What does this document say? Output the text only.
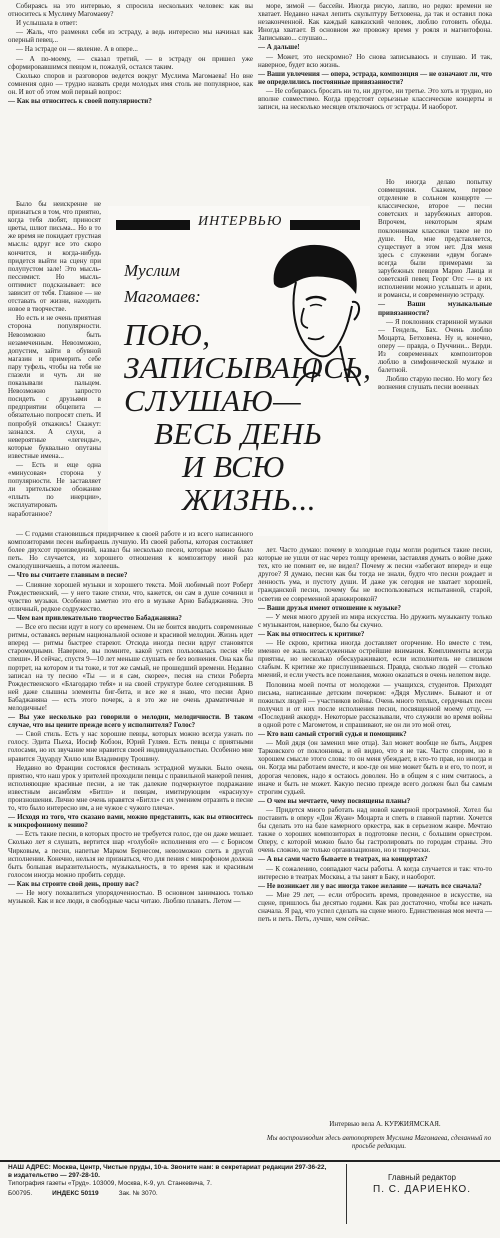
Собираясь на это интервью, я спросила нескольких человек: как вы относитесь к Муслиму Магомаеву?

И услышала в ответ:

— Жаль, что разменял себя из эстраду, а ведь интересно мы начинал как оперный певец...

— На эстраде он — явление. А в опере...

— А по-моему, — сказал третий, — в эстраду он пришел уже сформировавшимся певцом и, пожалуй, остался таким.

Сколько споров и разговоров ведется вокруг Муслима Магомаева! Но вне сомнения одно — трудно назвать среди молодых имя столь же популярное, как он. И вот об этом мой первый вопрос:

— Как вы относитесь к своей популярности?

Было бы неискренне не признаться в том, что приятно, когда тебя любят, приносят цветы, шлют письма... Но в то же время не покидает грустная мысль: вдруг все это скоро кончится, и когда-нибудь придется выйти на сцену при полупустом зале! Это мысль-пессимист. Но мысль-оптимист подсказывает: все зависит от тебя. Главное — не отставать от жизни, находить новое в творчестве.

Но есть и не очень приятная сторона популярности. Невозможно быть незамеченным. Невозможно, допустим, зайти в обувной магазин и примерить себе пару туфель, чтобы на тебя не глазели и чуть ли не показывали пальцем. Невозможно запросто посидеть с друзьями в предприятии общепита — обязательно попросят спеть. И попробуй откажись! Скажут: зазнался. А слухи, а невероятные «легенды», которые буквально опутаны известные имена...

— Есть и еще одна «минусовая» сторона у популярности. Не заставляет ли зрительское обожание «плыть по инерции», эксплуатировать наработанное?

ИНТЕРВЬЮ
Муслим
Магомаев:
ПОЮ,
ЗАПИСЫВАЮСЬ,
СЛУШАЮ—
ВЕСЬ ДЕНЬ
И ВСЮ ЖИЗНЬ...

— С годами становишься придирчивее к своей работе и из всего написанного композиторами песен выбираешь лучшую. Из своей работы, которая составляет более двухсот произведений, назвал бы несколько песен, которые можно было петь. Но случается, из хорошего отношения к композитору иной раз смалодушничаешь, а потом жалеешь.

— Что вы считаете главным в песне?

— Слияние хорошей музыки и хорошего текста. Мой любимый поэт Роберт Рождественский, — у него такие стихи, что, кажется, он сам в душе сочинил и чувство музыки. Особенно заметно это его в музыке Арно Бабаджаняна. Это отличный, редкое содружество.

— Чем вам привлекательно творчество Бабаджаняна?

— Все его песни идут в ногу со временем. Он не боится вводить современные ритмы, оставаясь верным национальной основе и красивой мелодии. Жизнь идет вперед — ритмы быстрее стареют. Отсюда иногда песни вдруг становятся старомодными. Наверное, вы помните, какой успех пользовалась песня «Не спеши». И сейчас, спустя 9—10 лет меньше слушать ее без волнения. Она как бы портрет, на котором и ты тоже, и тот же самый, не прошедший времени. Недавно записал на ту песню «Ты — и я сам, скорее», песня на стихи Роберта Рождественского «Благодарю тебя» и на своей структуре более сегодняшняя. В ней даже слышны элементы биг-бита, и все же я знаю, что песни Арно Бабаджаняна — есть этого почерк, а я это же не очень драматичные и мелодичные!

— Вы уже несколько раз говорили о мелодии, мелодичности. В таком случае, что вы цените прежде всего у исполнителя? Голос?

— Свой стиль. Есть у нас хорошие певцы, которых можно всегда узнать по голосу. Эдита Пьеха, Иосиф Кобзон, Юрий Гуляев. Есть певцы с приятными голосами, но их звучание мне нравится своей индивидуальностью. Особенно мне нравится Эдуарду Хилю или Владимиру Трошину.

Недавно во Франции состоялся фестиваль эстрадной музыки. Было очень приятно, что наш урок у зрителей проходили певцы с правильной манерой пения, исполняющие красивые песни, а не так далекие подчеркнутое подражание известным ансамблям «Битлз» и певцам, имитирующим «краснуху» произношения. Лично мне очень нравятся «Битлз» с их умением отразить в песне то, что было интересно им, а не чужое с чужого плеча».

— Исходя из того, что сказано вами, можно представить, как вы относитесь к микрофонному пению?

— Есть такие песни, в которых просто не требуется голос, где он даже мешает. Сколько лет я слушать, вертится шар «голубой» исполнения его — с Борисом Чирковым, а песни, напетые Марком Бернесом, невозможно спеть в другой исполнении. Конечно, нельзя не признаться, что для пения с микрофоном должна быть большая выразительность, музыкальность, в то время как и красивым голосом иногда можно пробить сердце.

— Как вы строите свой день, прошу вас?

— Не могу похвалиться упорядоченностью. В основном занимаюсь только музыкой. Как и все люди, в свободные часы читаю. Люблю плавать. Летом —

море, зимой — бассейн. Иногда рисую, лаплю, но редко: времени не хватает. Недавно начал лепить скульптуру Бетховена, да так и оставил пока незаконченной. Как каждый кавказский человек, люблю готовить обеды. Иногда хватает. В основном же провожу время у рояля и магнитофона. Записываю... слушаю...

— А дальше!

— Может, это нескромно? Но снова записываюсь и слушаю. И так, наверное, будет всю жизнь.

— Ваши увлечения — опера, эстрада, композиция — не означают ли, что не определились постоянные привязанности?

— Не собираюсь бросать ни то, ни другое, ни третье. Это хоть и трудно, но вполне совместимо. Когда предстоят серьезные классические концерты и записи, на несколько месяцев отключаюсь от эстрады. И наоборот.

Но иногда делаю попытку совмещения. Скажем, первое отделение в сольном концерте — классическое, второе — песни советских и зарубежных авторов. Впрочем, некоторым ярым поклонникам классики такое не по душе. Но, мне представляется, существует в этом нет. Для меня здесь с служении «двум богам» всегда были примерами за зарубежных певцов Марио Ланца и советский певец Георг Отс — в их исполнении можно услышать и арии, и романсы, и современную эстраду.

— Ваши музыкальные привязанности?

— Я поклонник старинной музыки — Гендель, Бах. Очень люблю Моцарта, Бетховена. Ну и, конечно, оперу — правда, о Пуччини... Верди. Из современных композиторов люблю в симфонической музыке и балетной.

Люблю старую песню. Но могу без волнения слушать песни военных

лет. Часто думаю: почему в холодные годы могли родиться такие песни, которые не ушли от нас через толщу времени, заставляя думать о войне даже тех, кто не помнит ее, не видел? Почему ж песни «забегают вперед» и еще другое? Я думаю, песни как бы тогда не знали, будто что песни рождает и ленность ума, и пустоту души. И даже уж сегодня не хватает хорошей, гражданской песни, почему бы не воспользоваться испытанной, старой, осветив ее современной аранжировкой?

— Ваши друзья имеют отношение к музыке?

— У меня много друзей из мира искусства. Но дружить музыканту только с музыкантом, наверное, было бы скучно.

— Как вы относитесь к критике?

— Не скрою, критика иногда доставляет огорчение. Но вместе с тем, именно ее жаль незаслуженные острейшие внимания. Комплименты всегда приятны, но несколько обескураживают, если исполнитель не слишком слабым. К критике же прислушиваешься. Правда, сколько людей — столько мнений, и если учесть все пожелания, можно оказаться в очень нелепом виде.

Половина моей почты от молодежи — учащихся, студентов. Приходят письма, написанные детским почерком: «Дядя Муслим». Бывают и от пожилых людей — участников войны. Очень много теплых, сердечных песен получил и от них после исполнения песни, посвященной моему отцу, — «Последний аккорд». Некоторые рассказывали, что служили во время войны в одной роте с Магометом, и спрашивают, не он ли это мой отец.

— Кто ваш самый строгий судья и помощник?

— Мой дядя (он заменил мне отца). Зал может вообще не быть, Андрея Тарковского от поклонника, и ей видно, что я не так. Часто спорим, но в хорошем смысле этого слова: то он меня убеждает, в кто-то прав, но иногда и он. Когда мы работаем вместе, и кое-где он мне может быть в и его, то поэт, и дорогая человек, надо я остаюсь доволен. Но в общем я с ним считаюсь, а иначе и быть не может. Какую песню прежде всего должен был бы самым строгим судьей.

— О чем вы мечтаете, чему посвящены планы?

— Придется много работать над новой камерной программой. Хотел бы поставить в оперу «Дон Жуан» Моцарта и спеть в главной партии. Хочется бы сделать это на базе камерного оркестра, как в серьезном жанре. Мечтаю также о хороших композиторах в подготовке песни, с большим оркестром. Оперу, с которой можно было бы гастролировать по городам страны. Это очень сложно, не только организационно, но и творчески.

— А вы сами часто бываете в театрах, на концертах?

— К сожалению, совпадают часы работы. А когда случается и так: что-то интересно в театрах Москвы, а ты занят в Баку, и наоборот.

— Не возникает ли у вас иногда такое желание — начать все сначала?

— Мне 29 лет, — если отбросить время, проведенное в искусстве, на сцене, пришлось бы десятью годами. Как раз достаточно, чтобы все начать сначала. Я рад, что успел сделать на сцене много. Единственная моя мечта — петь и петь. Петь, лучше, чем сейчас.

Интервью вела А. КУРЖИЯМСКАЯ.
Мы воспроизводим здесь автопортрет Муслима Магомаева, сделанный по просьбе редакции.
НАШ АДРЕС: Москва, Центр, Чистые пруды, 10-а. Звоните нам: в секретариат редакции 297-36-22, в издательство — 297-28-10.
Типография газеты «Труд». 103009, Москва, К-9, ул. Станкевича, 7.
Б00795.	ИНДЕКС 50119	Зак. № 3070.
Главный редактор
П. С. ДАРИЕНКО.
